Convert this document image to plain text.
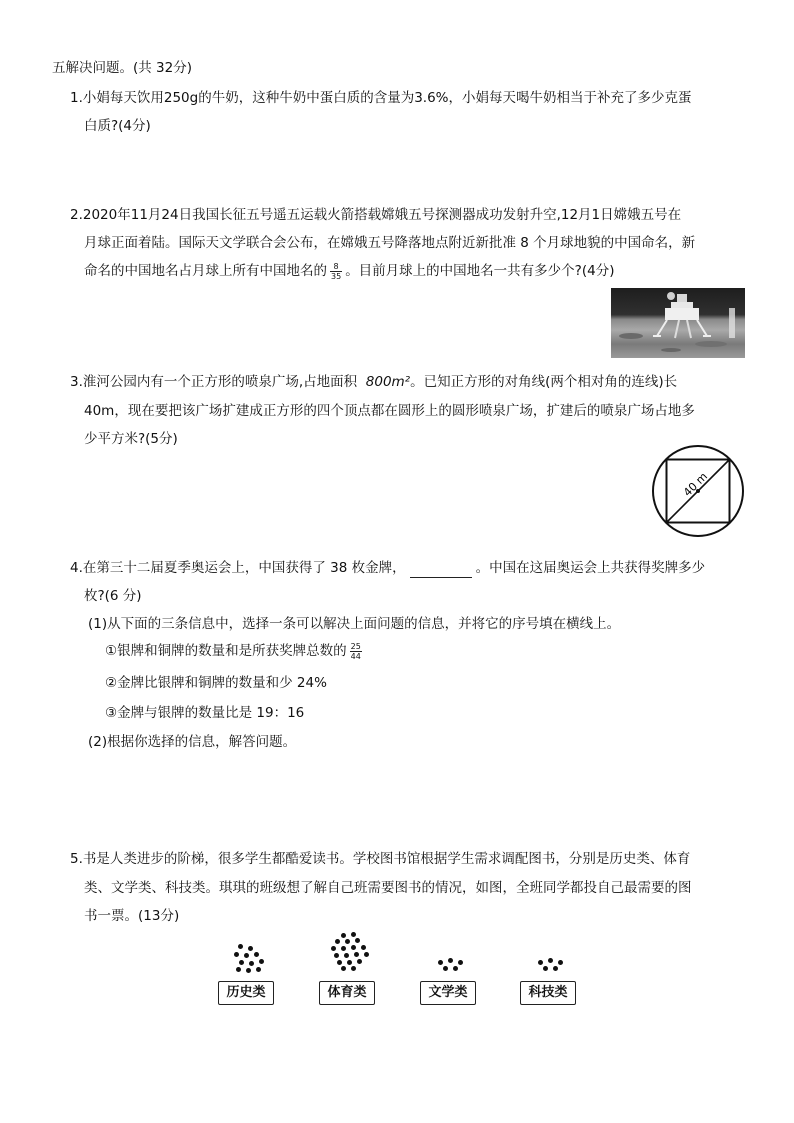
五解决问题。(共 32分)
1.小娟每天饮用250g的牛奶，这种牛奶中蛋白质的含量为3.6%，小娟每天喝牛奶相当于补充了多少克蛋
白质?(4分)
2.2020年11月24日我国长征五号遥五运载火箭搭载嫦娥五号探测器成功发射升空,12月1日嫦娥五号在
月球正面着陆。国际天文学联合会公布，在嫦娥五号降落地点附近新批准 8 个月球地貌的中国命名，新
命名的中国地名占月球上所有中国地名的 $\frac{8}{35}$ 。目前月球上的中国地名一共有多少个?(4分)
3.淮河公园内有一个正方形的喷泉广场,占地面积 800m²。已知正方形的对角线(两个相对角的连线)长
40m，现在要把该广场扩建成正方形的四个顶点都在圆形上的圆形喷泉广场，扩建后的喷泉广场占地多
少平方米?(5分)
40 m
4.在第三十二届夏季奥运会上，中国获得了 38 枚金牌，	。中国在这届奥运会上共获得奖牌多少
枚?(6 分)
(1)从下面的三条信息中，选择一条可以解决上面问题的信息，并将它的序号填在横线上。
①银牌和铜牌的数量和是所获奖牌总数的 $\frac{25}{44}$
②金牌比银牌和铜牌的数量和少 24%
③金牌与银牌的数量比是 19：16
(2)根据你选择的信息，解答问题。
5.书是人类进步的阶梯，很多学生都酷爱读书。学校图书馆根据学生需求调配图书，分别是历史类、体育
类、文学类、科技类。琪琪的班级想了解自己班需要图书的情况，如图，全班同学都投自己最需要的图
书一票。(13分)
历史类	体育类	文学类	科技类
